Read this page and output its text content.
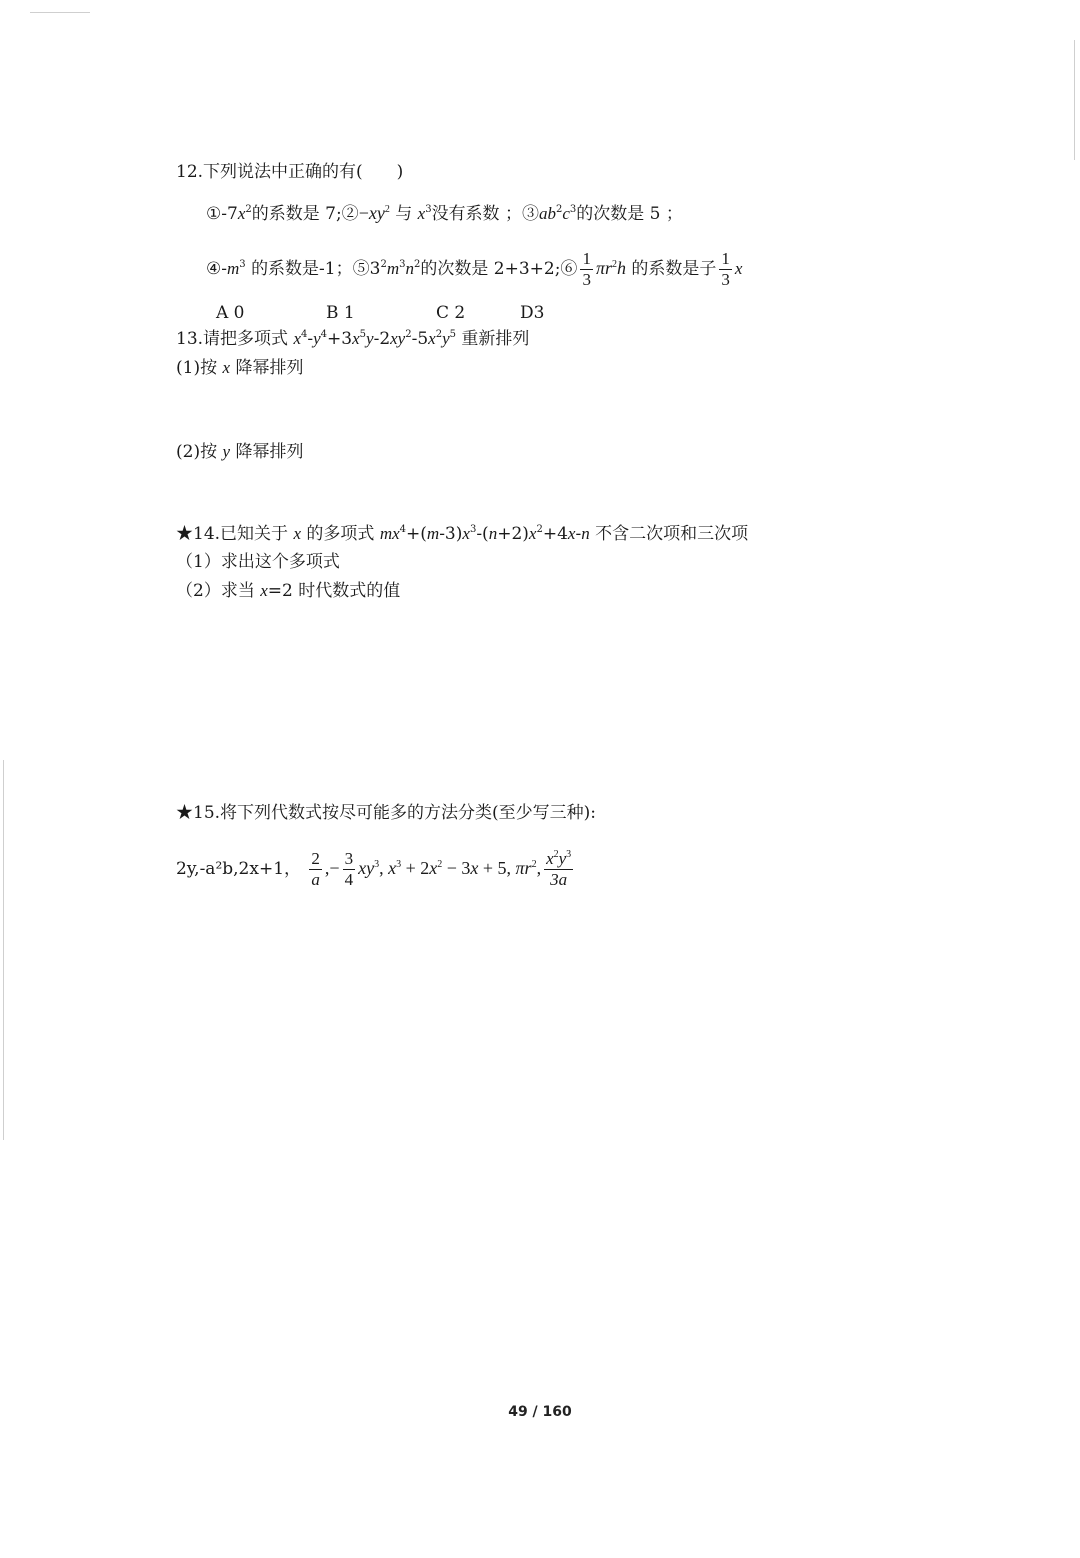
12.下列说法中正确的有(　　)
$①-7x^2$的系数是 $7;②-xy^2$ 与 $x^3$没有系数 ；$③ab^2c^3$的次数是 5 ；
$④-m^3$ 的系数是-1；$⑤3^2m^3n^2$的次数是 2+3+2;⑥ $\frac{1}{3} \pi r^2h$ 的系数是子 $\frac{1}{3}$ x
A 0	B 1	C 2	D3
13.请把多项式 $x^4-y^4+3x^5y-2xy^2-5x^2y^5$ 重新排列
(1)按 x 降幂排列
(2)按 y 降幂排列
★14.已知关于 x 的多项式 $mx^4+(m-3)x^3-(n+2)x^2+4x-n$ 不含二次项和三次项
（1）求出这个多项式
（2）求当 x=2 时代数式的值
★15.将下列代数式按尽可能多的方法分类(至少写三种):
2y,-a²b,2x+1， $\frac{2}{a}$ ,− $\frac{3}{4} xy^3$, $x^3 + 2x^2 - 3x + 5$, $\pi r^2$, $\frac{x^2y^3}{3a}$
49 / 160
